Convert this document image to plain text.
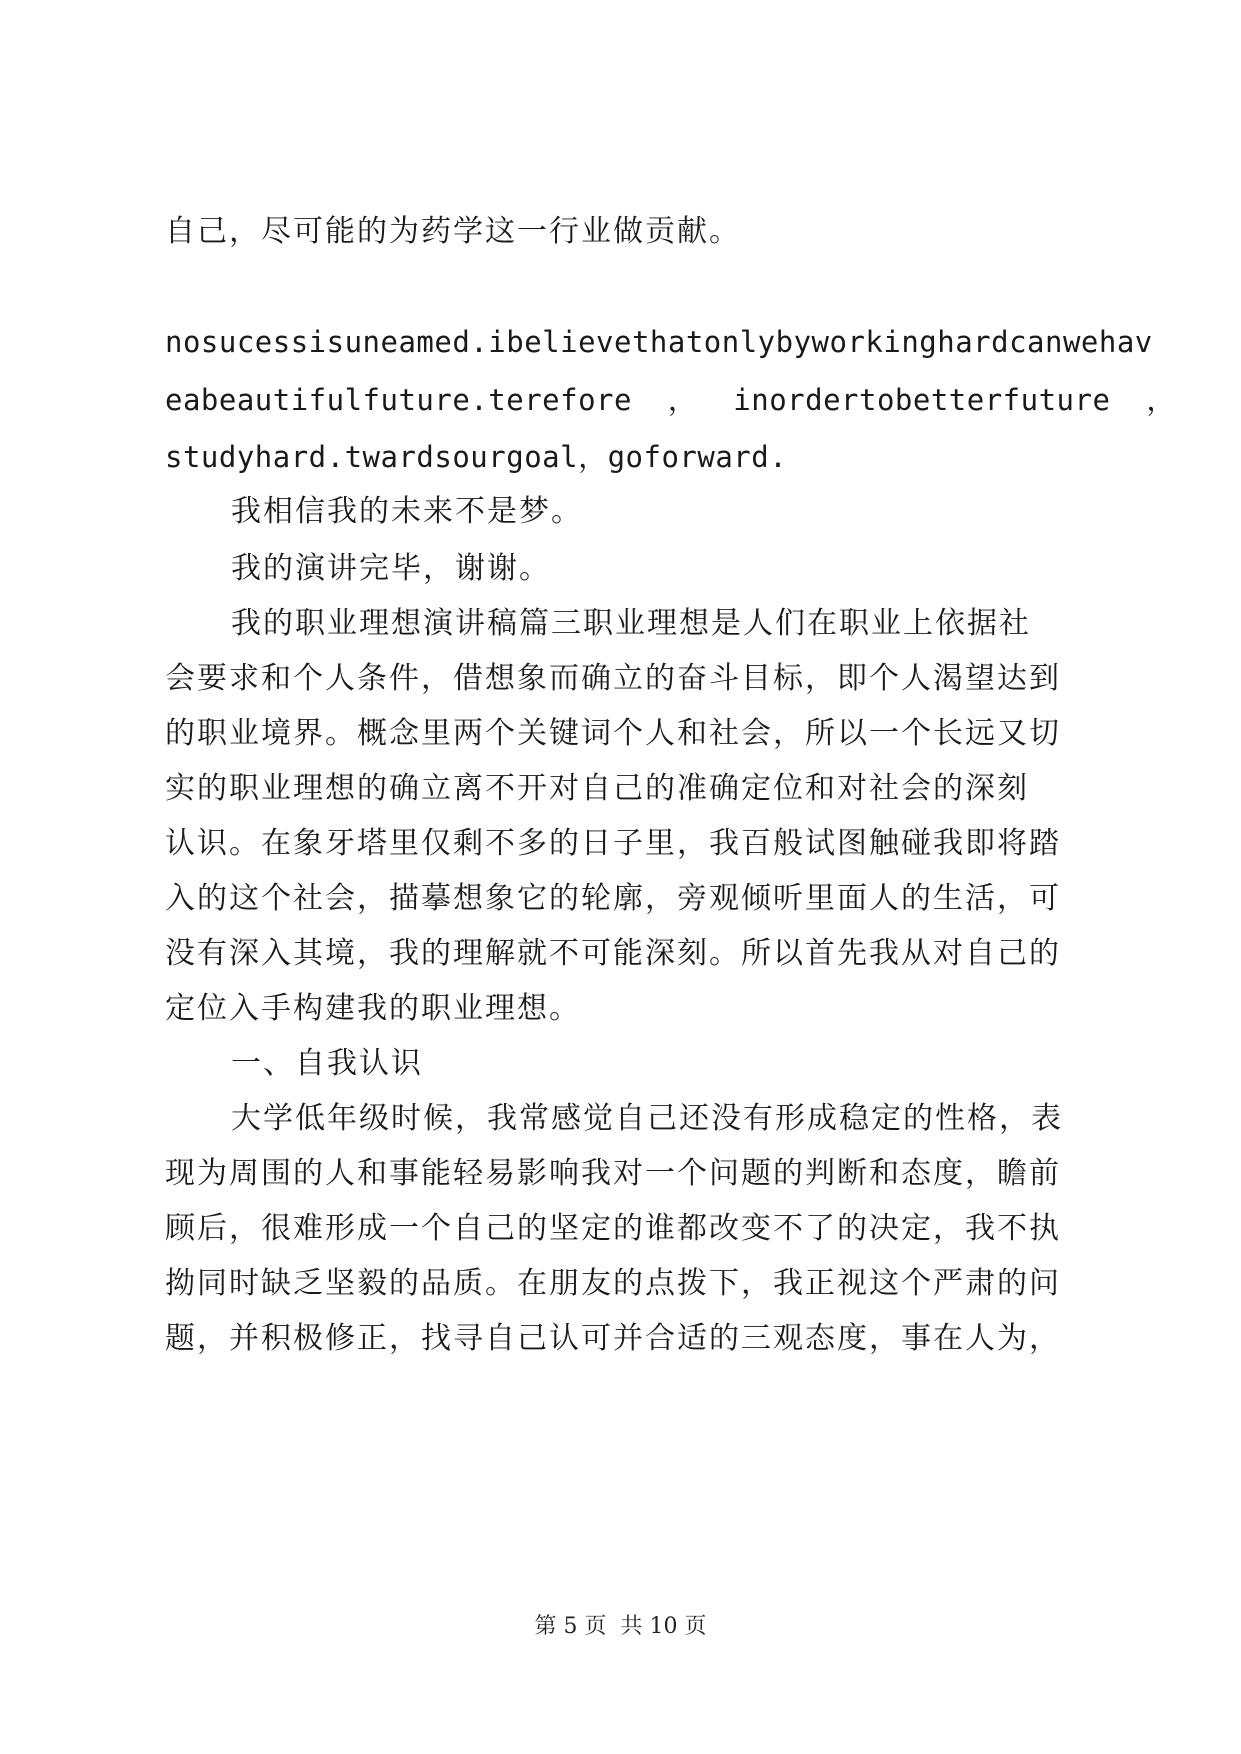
自己，尽可能的为药学这一行业做贡献。
nosucessisuneamed.ibelievethatonlybyworkinghardcanwehav
eabeautifulfuture.terefore  ，  inordertobetterfuture  ，
studyhard.twardsourgoal，goforward.
我相信我的未来不是梦。
我的演讲完毕，谢谢。
我的职业理想演讲稿篇三职业理想是人们在职业上依据社
会要求和个人条件，借想象而确立的奋斗目标，即个人渴望达到
的职业境界。概念里两个关键词个人和社会，所以一个长远又切
实的职业理想的确立离不开对自己的准确定位和对社会的深刻
认识。在象牙塔里仅剩不多的日子里，我百般试图触碰我即将踏
入的这个社会，描摹想象它的轮廓，旁观倾听里面人的生活，可
没有深入其境，我的理解就不可能深刻。所以首先我从对自己的
定位入手构建我的职业理想。
一、自我认识
大学低年级时候，我常感觉自己还没有形成稳定的性格，表
现为周围的人和事能轻易影响我对一个问题的判断和态度，瞻前
顾后，很难形成一个自己的坚定的谁都改变不了的决定，我不执
拗同时缺乏坚毅的品质。在朋友的点拨下，我正视这个严肃的问
题，并积极修正，找寻自己认可并合适的三观态度，事在人为，
第 5 页  共 10 页
